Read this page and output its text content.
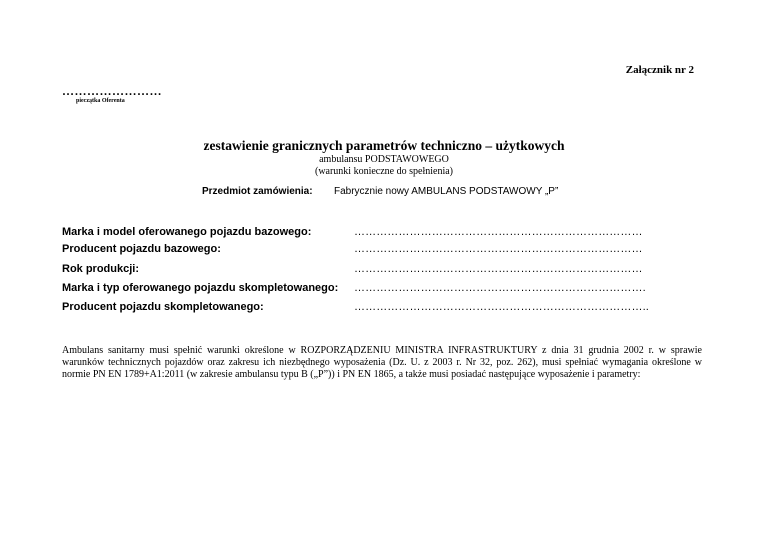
Załącznik nr 2
……………………
pieczątka Oferenta
zestawienie granicznych parametrów techniczno – użytkowych
ambulansu PODSTAWOWEGO
(warunki konieczne do spełnienia)
Przedmiot zamówienia: Fabrycznie nowy AMBULANS PODSTAWOWY „P”
Marka i model oferowanego pojazdu bazowego:	……………………………………………………………………
Producent pojazdu bazowego:	……………………………………………………………………
Rok produkcji:	……………………………………………………………………
Marka i typ oferowanego pojazdu skompletowanego: …………………………………………………………………….
Producent pojazdu skompletowanego:	……………………………………………………………………..
Ambulans sanitarny musi spełnić warunki określone w ROZPORZĄDZENIU MINISTRA INFRASTRUKTURY z dnia 31 grudnia 2002 r. w sprawie warunków technicznych pojazdów oraz zakresu ich niezbędnego wyposażenia (Dz. U. z 2003 r. Nr 32, poz. 262), musi spełniać wymagania określone w normie PN EN 1789+A1:2011 (w zakresie ambulansu typu B („P”)) i PN EN 1865, a także musi posiadać następujące wyposażenie i parametry:
